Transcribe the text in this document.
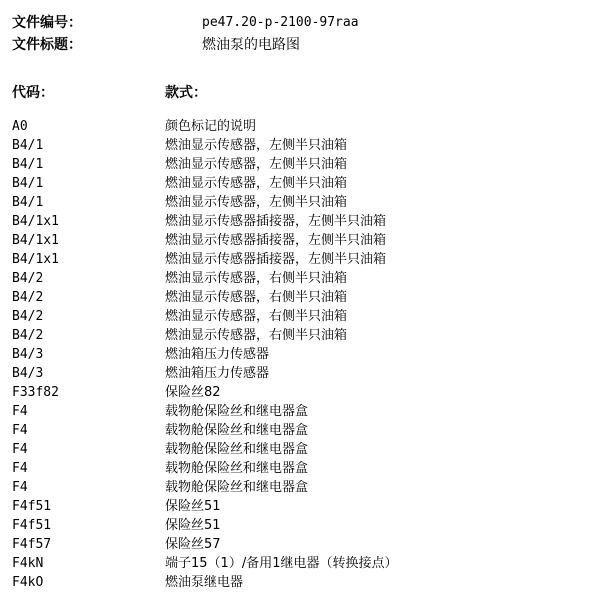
文件编号：	pe47.20-p-2100-97raa
文件标题：	燃油泵的电路图
代码：	款式：
A0	颜色标记的说明
B4/1	燃油显示传感器，左侧半只油箱
B4/1	燃油显示传感器，左侧半只油箱
B4/1	燃油显示传感器，左侧半只油箱
B4/1	燃油显示传感器，左侧半只油箱
B4/1x1	燃油显示传感器插接器，左侧半只油箱
B4/1x1	燃油显示传感器插接器，左侧半只油箱
B4/1x1	燃油显示传感器插接器，左侧半只油箱
B4/2	燃油显示传感器，右侧半只油箱
B4/2	燃油显示传感器，右侧半只油箱
B4/2	燃油显示传感器，右侧半只油箱
B4/2	燃油显示传感器，右侧半只油箱
B4/3	燃油箱压力传感器
B4/3	燃油箱压力传感器
F33f82	保险丝82
F4	载物舱保险丝和继电器盒
F4	载物舱保险丝和继电器盒
F4	载物舱保险丝和继电器盒
F4	载物舱保险丝和继电器盒
F4	载物舱保险丝和继电器盒
F4f51	保险丝51
F4f51	保险丝51
F4f57	保险丝57
F4kN	端子15（1）/备用1继电器（转换接点）
F4kO	燃油泵继电器
